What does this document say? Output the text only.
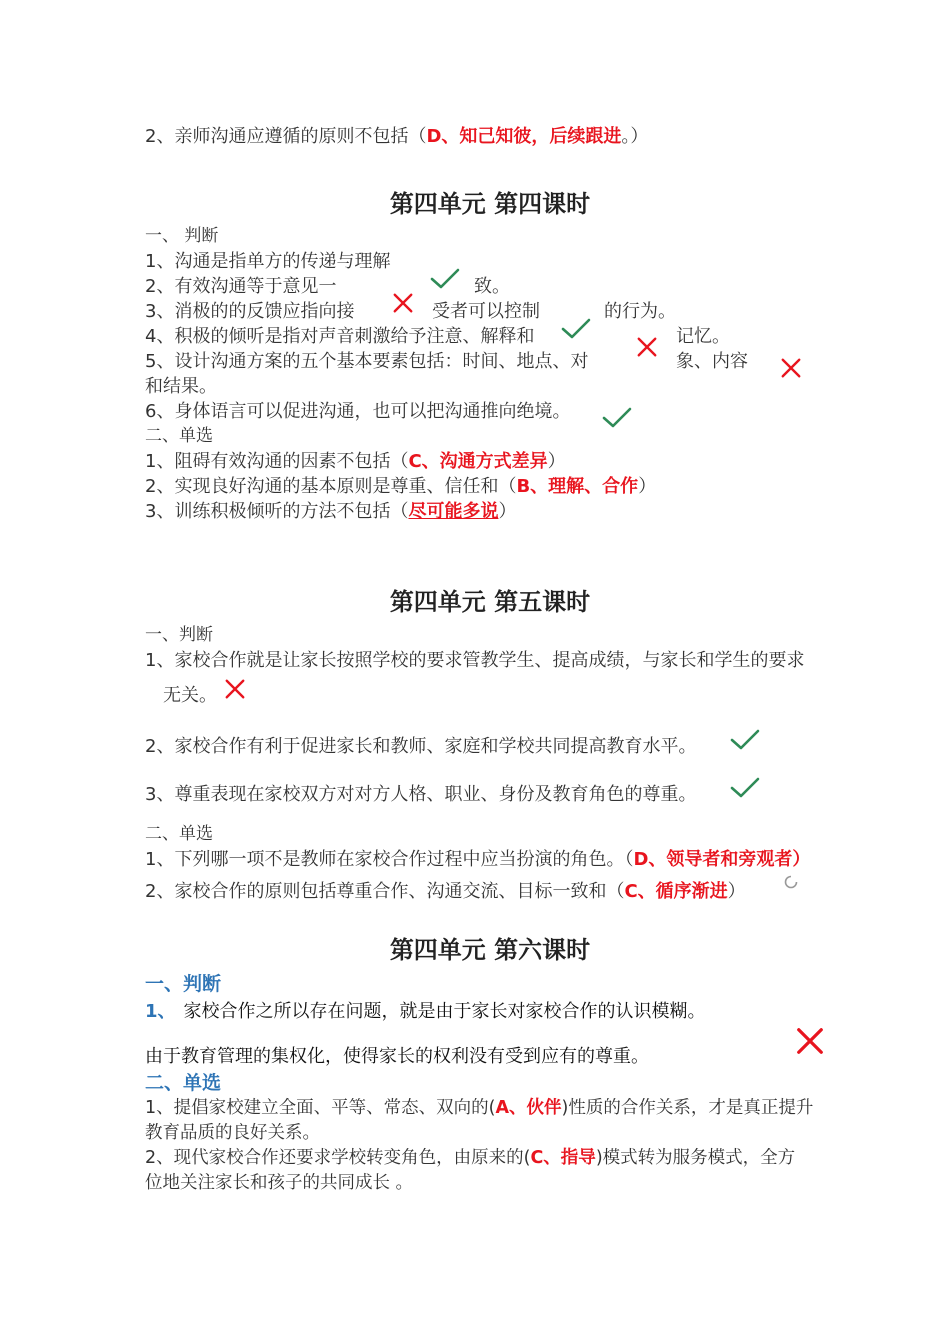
2、亲师沟通应遵循的原则不包括（D、知己知彼，后续跟进。）
第四单元 第四课时
一、 判断
1、沟通是指单方的传递与理解
2、有效沟通等于意见一	致。
3、消极的的反馈应指向接	受者可以控制	的行为。
4、积极的倾听是指对声音刺激给予注意、解释和	记忆。
5、设计沟通方案的五个基本要素包括：时间、地点、对	象、内容
和结果。
6、身体语言可以促进沟通，也可以把沟通推向绝境。
二、单选
1、阻碍有效沟通的因素不包括（C、沟通方式差异）
2、实现良好沟通的基本原则是尊重、信任和（B、理解、合作）
3、训练积极倾听的方法不包括（尽可能多说）
第四单元 第五课时
一、判断
1、家校合作就是让家长按照学校的要求管教学生、提高成绩，与家长和学生的要求
无关。
2、家校合作有利于促进家长和教师、家庭和学校共同提高教育水平。
3、尊重表现在家校双方对对方人格、职业、身份及教育角色的尊重。
二、单选
1、下列哪一项不是教师在家校合作过程中应当扮演的角色。（D、领导者和旁观者）
2、家校合作的原则包括尊重合作、沟通交流、目标一致和（C、循序渐进）
第四单元 第六课时
一、判断
1、 家校合作之所以存在问题，就是由于家长对家校合作的认识模糊。
由于教育管理的集权化，使得家长的权利没有受到应有的尊重。
二、单选
1、提倡家校建立全面、平等、常态、双向的(A、伙伴)性质的合作关系，才是真正提升
教育品质的良好关系。
2、现代家校合作还要求学校转变角色，由原来的(C、指导)模式转为服务模式，全方
位地关注家长和孩子的共同成长 。
